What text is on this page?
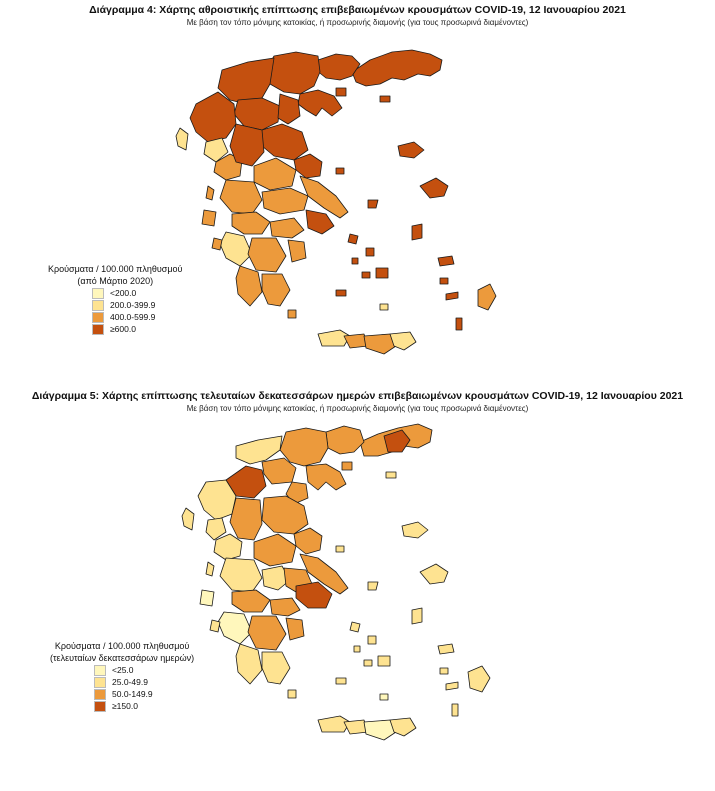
Διάγραμμα 4: Χάρτης αθροιστικής επίπτωσης επιβεβαιωμένων κρουσμάτων COVID-19, 12 Ιανουαρίου 2021
Με βάση τον τόπο μόνιμης κατοικίας, ή προσωρινής διαμονής (για τους προσωρινά διαμένοντες)
Κρούσματα / 100.000 πληθυσμού
(από Μάρτιο 2020)
<200.0
200.0-399.9
400.0-599.9
≥600.0
Διάγραμμα 5: Χάρτης επίπτωσης τελευταίων δεκατεσσάρων ημερών επιβεβαιωμένων κρουσμάτων COVID-19, 12 Ιανουαρίου 2021
Με βάση τον τόπο μόνιμης κατοικίας, ή προσωρινής διαμονής (για τους προσωρινά διαμένοντες)
Κρούσματα / 100.000 πληθυσμού
(τελευταίων δεκατεσσάρων ημερών)
<25.0
25.0-49.9
50.0-149.9
≥150.0
